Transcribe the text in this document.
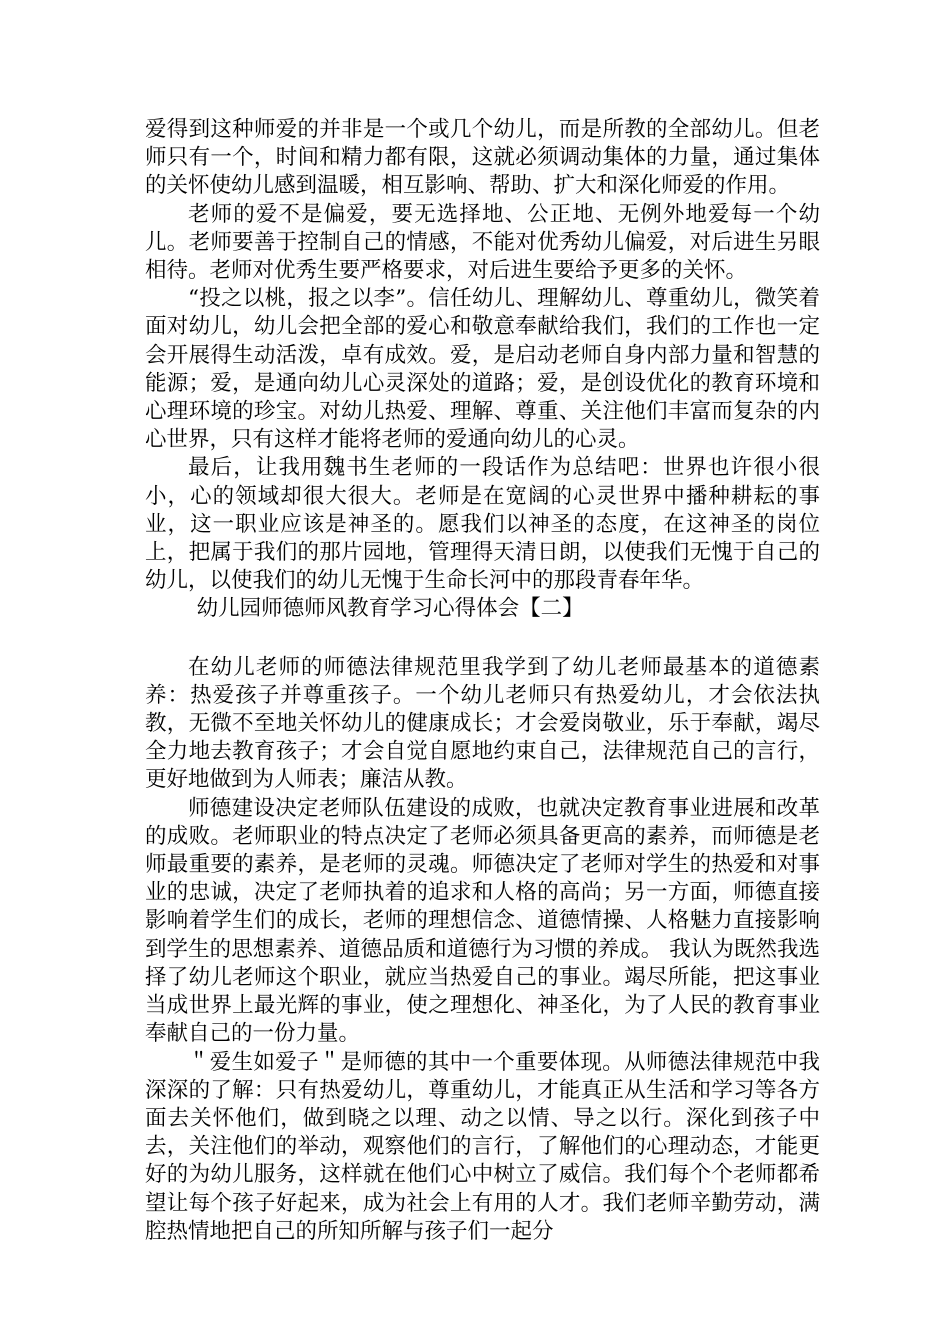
爱得到这种师爱的并非是一个或几个幼儿，而是所教的全部幼儿。但老师只有一个，时间和精力都有限，这就必须调动集体的力量，通过集体的关怀使幼儿感到温暖，相互影响、帮助、扩大和深化师爱的作用。

老师的爱不是偏爱，要无选择地、公正地、无例外地爱每一个幼儿。老师要善于控制自己的情感，不能对优秀幼儿偏爱，对后进生另眼相待。老师对优秀生要严格要求，对后进生要给予更多的关怀。

“投之以桃，报之以李”。信任幼儿、理解幼儿、尊重幼儿，微笑着面对幼儿，幼儿会把全部的爱心和敬意奉献给我们，我们的工作也一定会开展得生动活泼，卓有成效。爱，是启动老师自身内部力量和智慧的能源；爱，是通向幼儿心灵深处的道路；爱，是创设优化的教育环境和心理环境的珍宝。对幼儿热爱、理解、尊重、关注他们丰富而复杂的内心世界，只有这样才能将老师的爱通向幼儿的心灵。

最后，让我用魏书生老师的一段话作为总结吧：世界也许很小很小，心的领域却很大很大。老师是在宽阔的心灵世界中播种耕耘的事业，这一职业应该是神圣的。愿我们以神圣的态度，在这神圣的岗位上，把属于我们的那片园地，管理得天清日朗，以使我们无愧于自己的幼儿，以使我们的幼儿无愧于生命长河中的那段青春年华。

幼儿园师德师风教育学习心得体会【二】

在幼儿老师的师德法律规范里我学到了幼儿老师最基本的道德素养：热爱孩子并尊重孩子。一个幼儿老师只有热爱幼儿，才会依法执教，无微不至地关怀幼儿的健康成长；才会爱岗敬业，乐于奉献，竭尽全力地去教育孩子；才会自觉自愿地约束自己，法律规范自己的言行，更好地做到为人师表；廉洁从教。

师德建设决定老师队伍建设的成败，也就决定教育事业进展和改革的成败。老师职业的特点决定了老师必须具备更高的素养，而师德是老师最重要的素养，是老师的灵魂。师德决定了老师对学生的热爱和对事业的忠诚，决定了老师执着的追求和人格的高尚；另一方面，师德直接影响着学生们的成长，老师的理想信念、道德情操、人格魅力直接影响到学生的思想素养、道德品质和道德行为习惯的养成。 我认为既然我选择了幼儿老师这个职业，就应当热爱自己的事业。竭尽所能，把这事业当成世界上最光辉的事业，使之理想化、神圣化，为了人民的教育事业奉献自己的一份力量。

＂爱生如爱子＂是师德的其中一个重要体现。从师德法律规范中我深深的了解：只有热爱幼儿，尊重幼儿，才能真正从生活和学习等各方面去关怀他们，做到晓之以理、动之以情、导之以行。深化到孩子中去，关注他们的举动，观察他们的言行，了解他们的心理动态，才能更好的为幼儿服务，这样就在他们心中树立了威信。我们每个个老师都希望让每个孩子好起来，成为社会上有用的人才。我们老师辛勤劳动，满腔热情地把自己的所知所解与孩子们一起分
